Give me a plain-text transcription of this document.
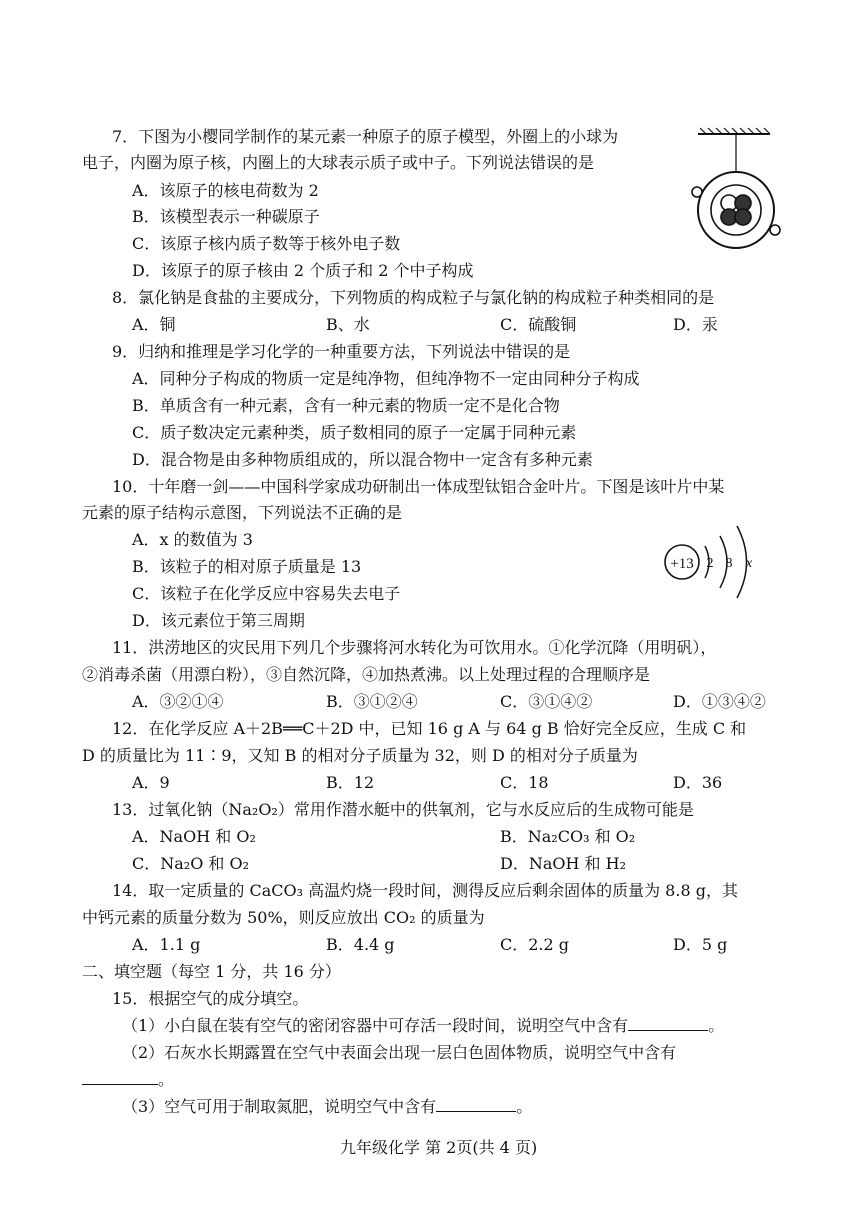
7．下图为小樱同学制作的某元素一种原子的原子模型，外圈上的小球为
电子，内圈为原子核，内圈上的大球表示质子或中子。下列说法错误的是
A．该原子的核电荷数为 2
B．该模型表示一种碳原子
C．该原子核内质子数等于核外电子数
D．该原子的原子核由 2 个质子和 2 个中子构成
8．氯化钠是食盐的主要成分，下列物质的构成粒子与氯化钠的构成粒子种类相同的是
A．铜	B、水	C．硫酸铜	D．汞
9．归纳和推理是学习化学的一种重要方法，下列说法中错误的是
A．同种分子构成的物质一定是纯净物，但纯净物不一定由同种分子构成
B．单质含有一种元素，含有一种元素的物质一定不是化合物
C．质子数决定元素种类，质子数相同的原子一定属于同种元素
D．混合物是由多种物质组成的，所以混合物中一定含有多种元素
10．十年磨一剑——中国科学家成功研制出一体成型钛铝合金叶片。下图是该叶片中某
元素的原子结构示意图，下列说法不正确的是
A．x 的数值为 3
B．该粒子的相对原子质量是 13
C．该粒子在化学反应中容易失去电子
D．该元素位于第三周期
+13 2 8 x
11．洪涝地区的灾民用下列几个步骤将河水转化为可饮用水。①化学沉降（用明矾），
②消毒杀菌（用漂白粉），③自然沉降，④加热煮沸。以上处理过程的合理顺序是
A．③②①④	B．③①②④	C．③①④②	D．①③④②
12．在化学反应 A＋2B══C＋2D 中，已知 16 g A 与 64 g B 恰好完全反应，生成 C 和
D 的质量比为 11∶9，又知 B 的相对分子质量为 32，则 D 的相对分子质量为
A．9	B．12	C．18	D．36
13．过氧化钠（Na₂O₂）常用作潜水艇中的供氧剂，它与水反应后的生成物可能是
A．NaOH 和 O₂	B．Na₂CO₃ 和 O₂
C．Na₂O 和 O₂	D．NaOH 和 H₂
14．取一定质量的 CaCO₃ 高温灼烧一段时间，测得反应后剩余固体的质量为 8.8 g，其
中钙元素的质量分数为 50%，则反应放出 CO₂ 的质量为
A．1.1 g	B．4.4 g	C．2.2 g	D．5 g
二、填空题（每空 1 分，共 16 分）
15．根据空气的成分填空。
（1）小白鼠在装有空气的密闭容器中可存活一段时间，说明空气中含有	。
（2）石灰水长期露置在空气中表面会出现一层白色固体物质，说明空气中含有
。
（3）空气可用于制取氮肥，说明空气中含有	。
九年级化学 第 2页(共 4 页)
